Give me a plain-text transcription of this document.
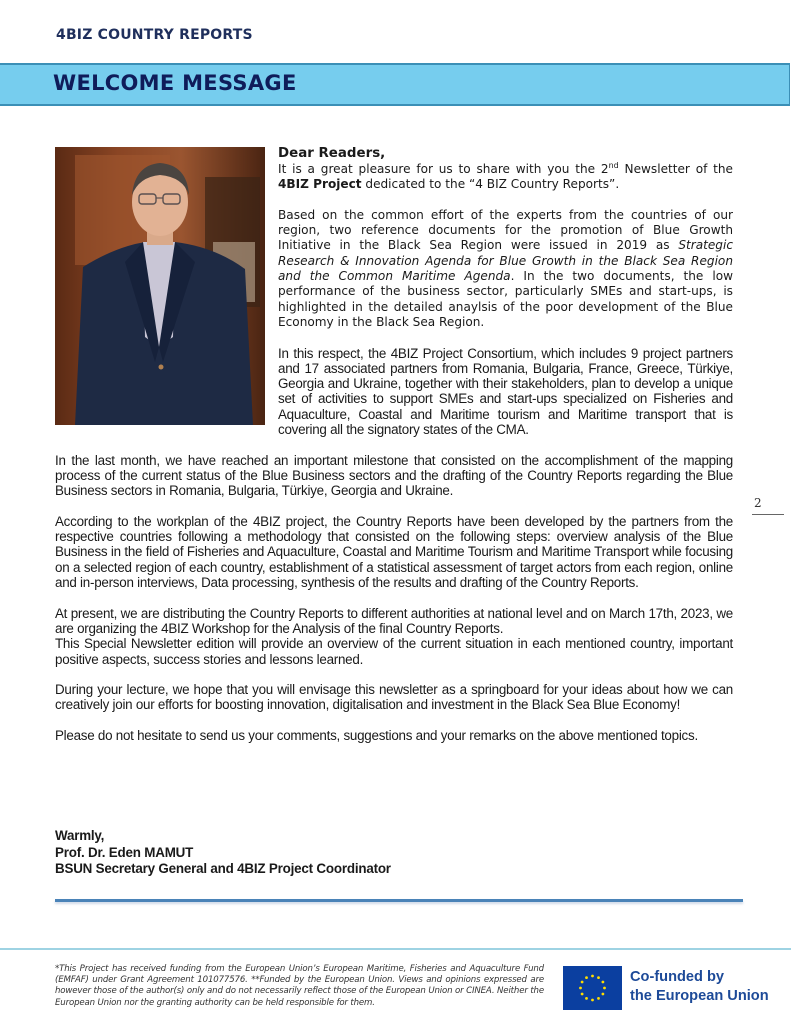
4BIZ COUNTRY REPORTS
WELCOME MESSAGE

Dear Readers,

It is a great pleasure for us to share with you the 2nd Newsletter of the 4BIZ Project dedicated to the “4 BIZ Country Reports”.

Based on the common effort of the experts from the countries of our region, two reference documents for the promotion of Blue Growth Initiative in the Black Sea Region were issued in 2019 as Strategic Research & Innovation Agenda for Blue Growth in the Black Sea Region and the Common Maritime Agenda. In the two documents, the low performance of the business sector, particularly SMEs and start-ups, is highlighted in the detailed anaylsis of the poor development of the Blue Economy in the Black Sea Region.

In this respect, the 4BIZ Project Consortium, which includes 9 project partners and 17 associated partners from Romania, Bulgaria, France, Greece, Türkiye, Georgia and Ukraine, together with their stakeholders, plan to develop a unique set of activities to support SMEs and start-ups specialized on Fisheries and Aquaculture, Coastal and Maritime tourism and Maritime transport that is covering all the signatory states of the CMA.

In the last month, we have reached an important milestone that consisted on the accomplishment of the mapping process of the current status of the Blue Business sectors and the drafting of the Country Reports regarding the Blue Business sectors in Romania, Bulgaria, Türkiye, Georgia and Ukraine.

According to the workplan of the 4BIZ project, the Country Reports have been developed by the partners from the respective countries following a methodology that consisted on the following steps: overview analysis of the Blue Business in the field of Fisheries and Aquaculture, Coastal and Maritime Tourism and Maritime Transport while focusing on a selected region of each country, establishment of a statistical assessment of target actors from each region, online and in-person interviews, Data processing, synthesis of the results and drafting of the Country Reports.

At present, we are distributing the Country Reports to different authorities at national level and on March 17th, 2023, we are organizing the 4BIZ Workshop for the Analysis of the final Country Reports.

This Special Newsletter edition will provide an overview of the current situation in each mentioned country, important positive aspects, success stories and lessons learned.

During your lecture, we hope that you will envisage this newsletter as a springboard for your ideas about how we can creatively join our efforts for boosting innovation, digitalisation and investment in the Black Sea Blue Economy!

Please do not hesitate to send us your comments, suggestions and your remarks on the above mentioned topics.

Warmly,
Prof. Dr. Eden MAMUT
BSUN Secretary General and 4BIZ Project Coordinator
2
*This Project has received funding from the European Union’s European Maritime, Fisheries and Aquaculture Fund (EMFAF) under Grant Agreement 101077576. **Funded by the European Union. Views and opinions expressed are however those of the author(s) only and do not necessarily reflect those of the European Union or CINEA. Neither the European Union nor the granting authority can be held responsible for them.
Co-funded by
the European Union
